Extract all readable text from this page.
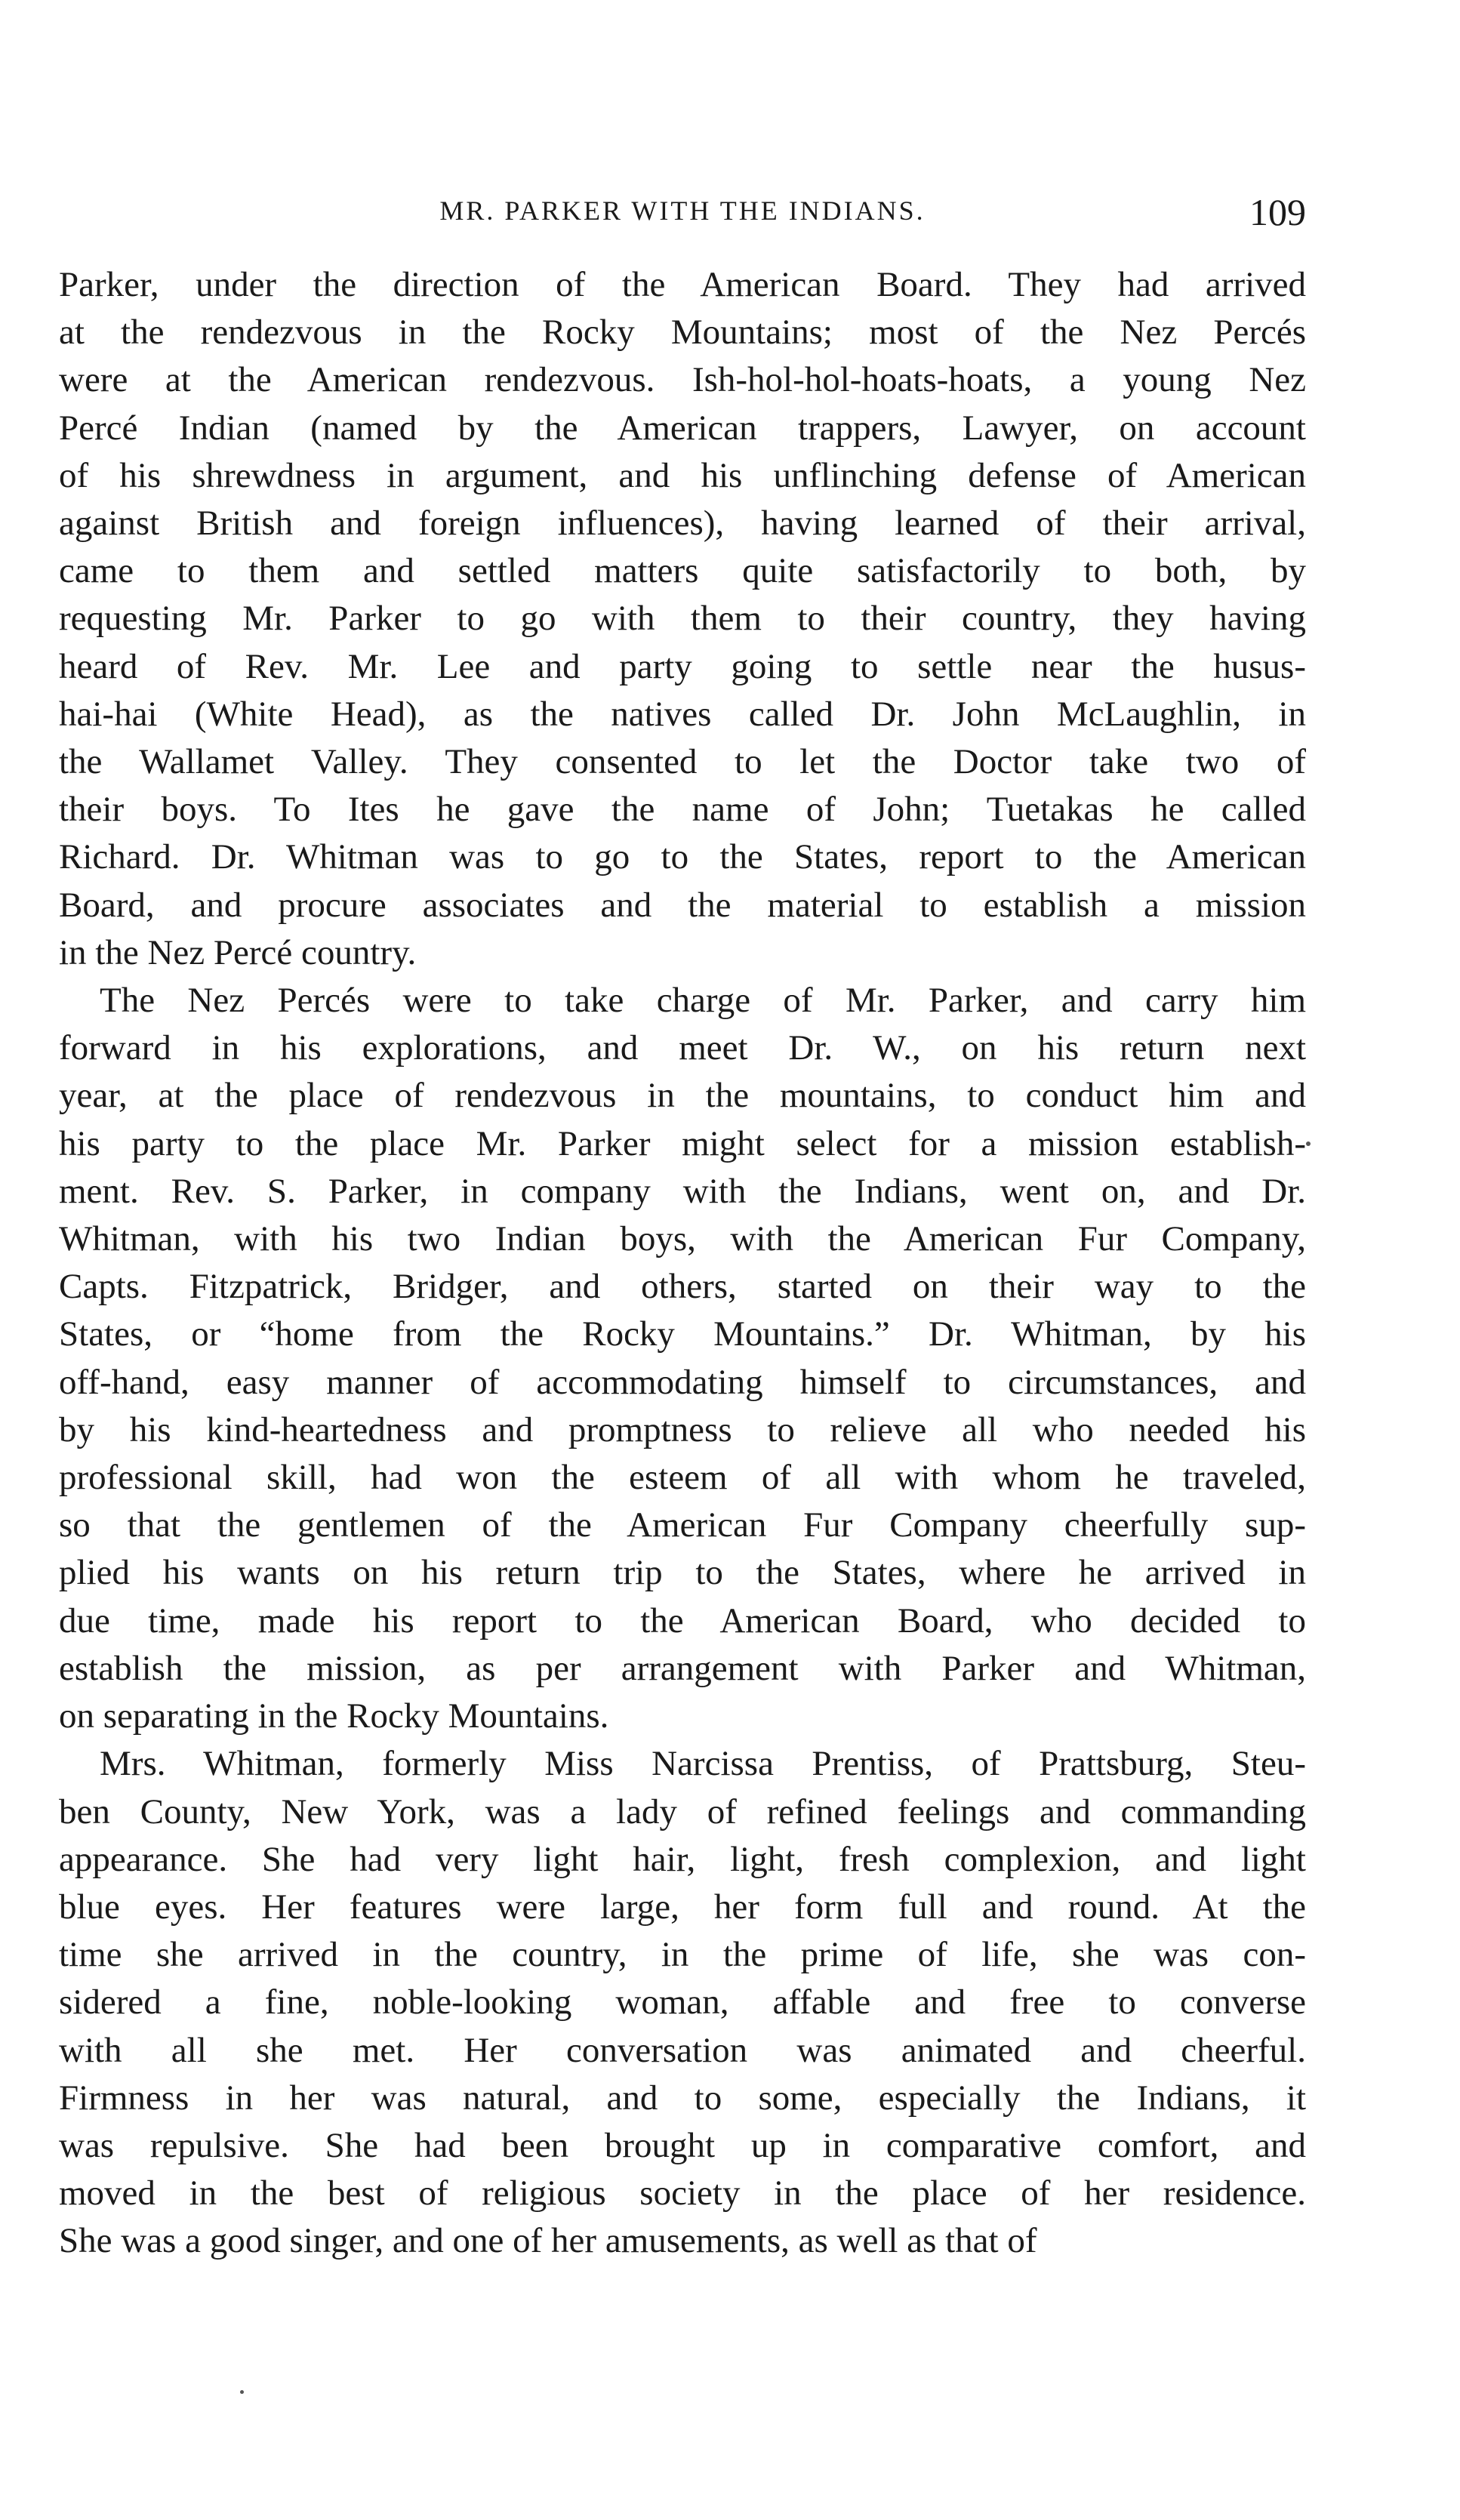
MR. PARKER WITH THE INDIANS.	109
Parker, under the direction of the American Board. They had arrived
at the rendezvous in the Rocky Mountains; most of the Nez Percés
were at the American rendezvous. Ish-hol-hol-hoats-hoats, a young Nez
Percé Indian (named by the American trappers, Lawyer, on account
of his shrewdness in argument, and his unflinching defense of American
against British and foreign influences), having learned of their arrival,
came to them and settled matters quite satisfactorily to both, by
requesting Mr. Parker to go with them to their country, they having
heard of Rev. Mr. Lee and party going to settle near the husus-
hai-hai (White Head), as the natives called Dr. John McLaughlin, in
the Wallamet Valley. They consented to let the Doctor take two of
their boys. To Ites he gave the name of John; Tuetakas he called
Richard. Dr. Whitman was to go to the States, report to the American
Board, and procure associates and the material to establish a mission
in the Nez Percé country.
The Nez Percés were to take charge of Mr. Parker, and carry him
forward in his explorations, and meet Dr. W., on his return next
year, at the place of rendezvous in the mountains, to conduct him and
his party to the place Mr. Parker might select for a mission establish-
ment. Rev. S. Parker, in company with the Indians, went on, and Dr.
Whitman, with his two Indian boys, with the American Fur Company,
Capts. Fitzpatrick, Bridger, and others, started on their way to the
States, or “home from the Rocky Mountains.” Dr. Whitman, by his
off-hand, easy manner of accommodating himself to circumstances, and
by his kind-heartedness and promptness to relieve all who needed his
professional skill, had won the esteem of all with whom he traveled,
so that the gentlemen of the American Fur Company cheerfully sup-
plied his wants on his return trip to the States, where he arrived in
due time, made his report to the American Board, who decided to
establish the mission, as per arrangement with Parker and Whitman,
on separating in the Rocky Mountains.
Mrs. Whitman, formerly Miss Narcissa Prentiss, of Prattsburg, Steu-
ben County, New York, was a lady of refined feelings and commanding
appearance. She had very light hair, light, fresh complexion, and light
blue eyes. Her features were large, her form full and round. At the
time she arrived in the country, in the prime of life, she was con-
sidered a fine, noble-looking woman, affable and free to converse
with all she met. Her conversation was animated and cheerful.
Firmness in her was natural, and to some, especially the Indians, it
was repulsive. She had been brought up in comparative comfort, and
moved in the best of religious society in the place of her residence.
She was a good singer, and one of her amusements, as well as that of
